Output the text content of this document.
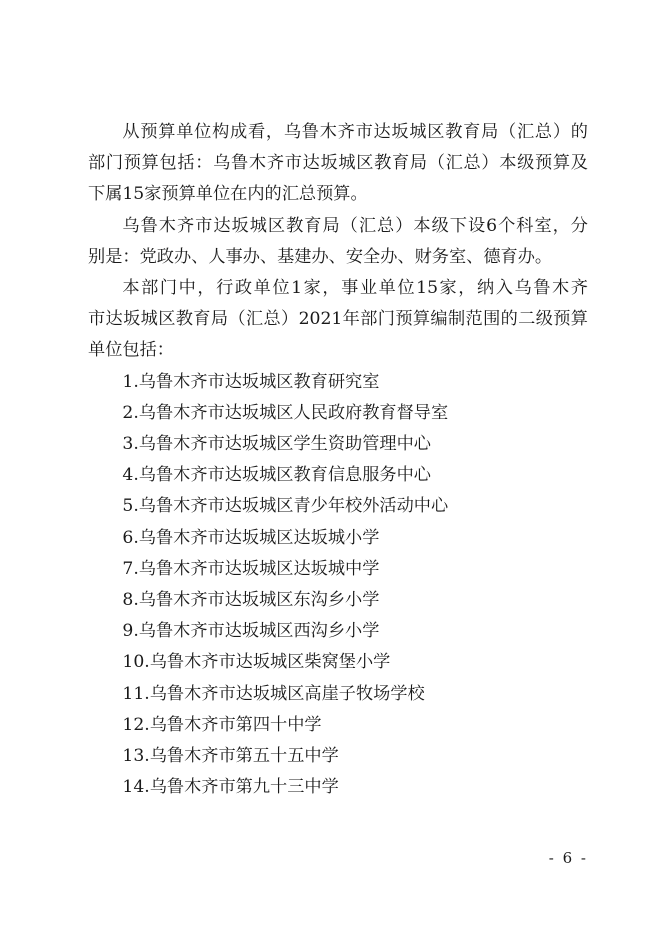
从预算单位构成看，乌鲁木齐市达坂城区教育局（汇总）的
部门预算包括：乌鲁木齐市达坂城区教育局（汇总）本级预算及
下属15家预算单位在内的汇总预算。

乌鲁木齐市达坂城区教育局（汇总）本级下设6个科室，分
别是：党政办、人事办、基建办、安全办、财务室、德育办。

本部门中，行政单位1家，事业单位15家，纳入乌鲁木齐
市达坂城区教育局（汇总）2021年部门预算编制范围的二级预算
单位包括：

1.乌鲁木齐市达坂城区教育研究室
2.乌鲁木齐市达坂城区人民政府教育督导室
3.乌鲁木齐市达坂城区学生资助管理中心
4.乌鲁木齐市达坂城区教育信息服务中心
5.乌鲁木齐市达坂城区青少年校外活动中心
6.乌鲁木齐市达坂城区达坂城小学
7.乌鲁木齐市达坂城区达坂城中学
8.乌鲁木齐市达坂城区东沟乡小学
9.乌鲁木齐市达坂城区西沟乡小学
10.乌鲁木齐市达坂城区柴窝堡小学
11.乌鲁木齐市达坂城区高崖子牧场学校
12.乌鲁木齐市第四十中学
13.乌鲁木齐市第五十五中学
14.乌鲁木齐市第九十三中学
- 6 -
